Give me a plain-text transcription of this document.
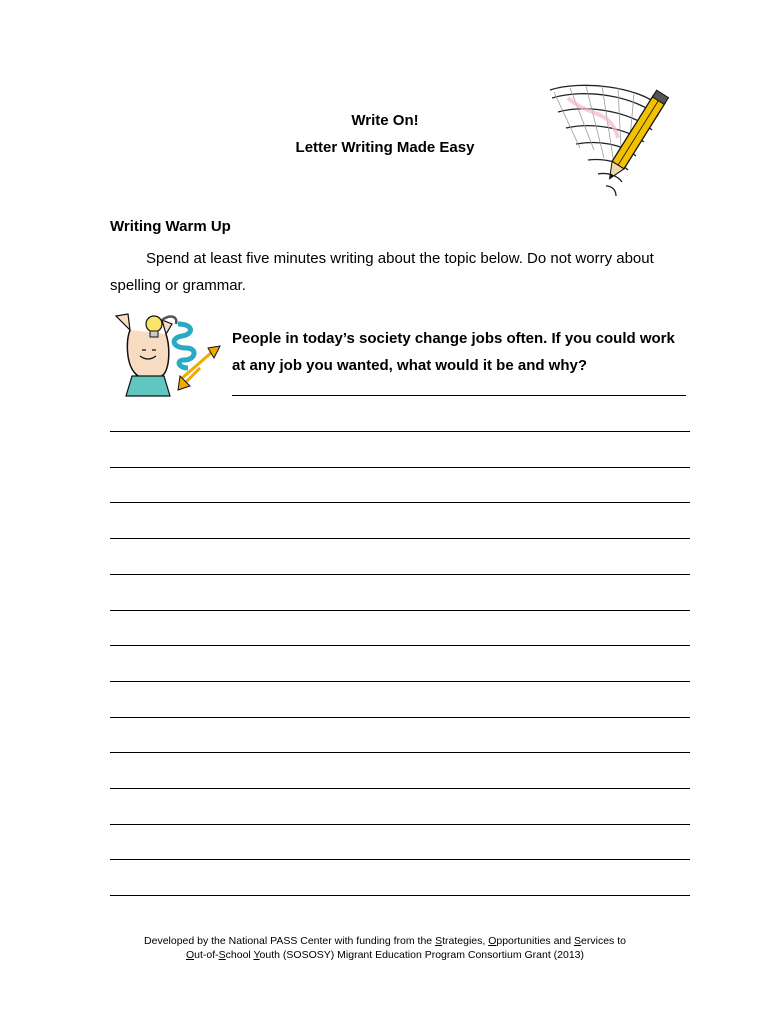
Write On!
Letter Writing Made Easy
Writing Warm Up

Spend at least five minutes writing about the topic below. Do not worry about spelling or grammar.

People in today’s society change jobs often. If you could work at any job you wanted, what would it be and why?

Developed by the National PASS Center with funding from the Strategies, Opportunities and Services to
Out-of-School Youth (SOSOSY) Migrant Education Program Consortium Grant (2013)
